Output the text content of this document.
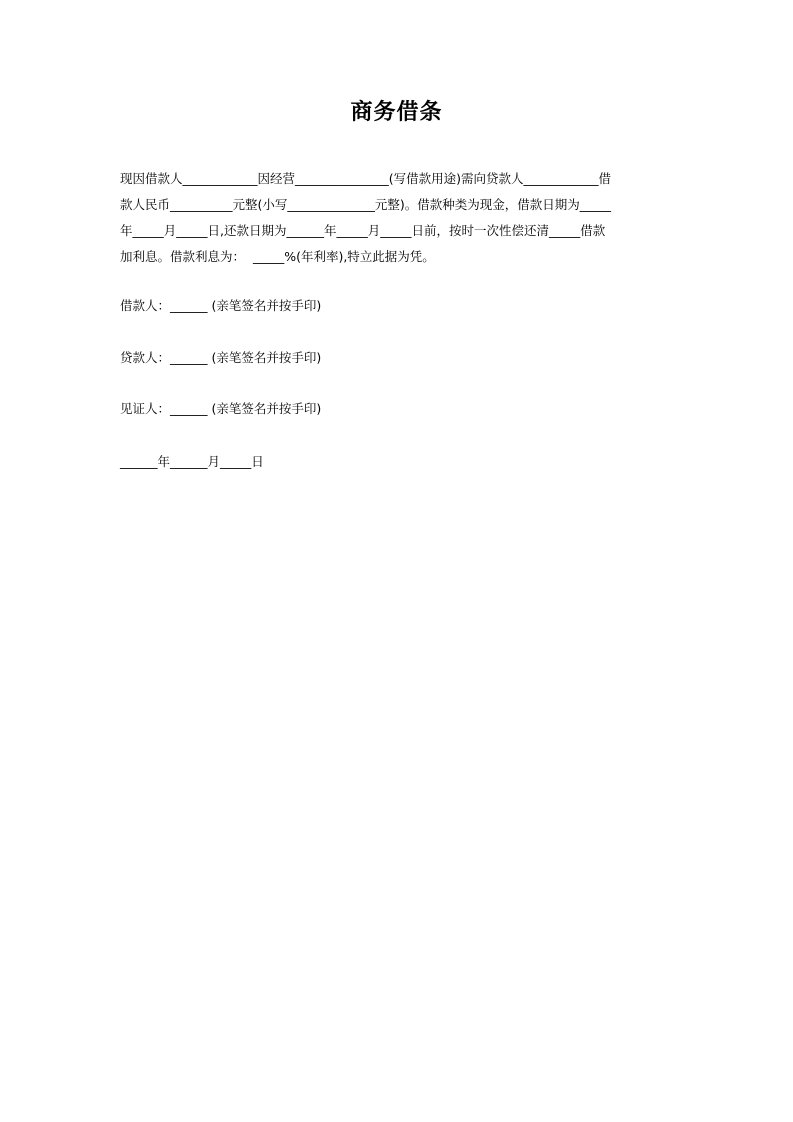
商务借条
现因借款人____________因经营_______________(写借款用途)需向贷款人____________借
款人民币__________元整(小写______________元整)。借款种类为现金，借款日期为_____
年_____月_____日,还款日期为______年_____月_____日前，按时一次性偿还清_____借款
加利息。借款利息为：  _____%(年利率),特立此据为凭。
借款人：______ (亲笔签名并按手印)
贷款人：______ (亲笔签名并按手印)
见证人：______ (亲笔签名并按手印)
______年______月_____日
